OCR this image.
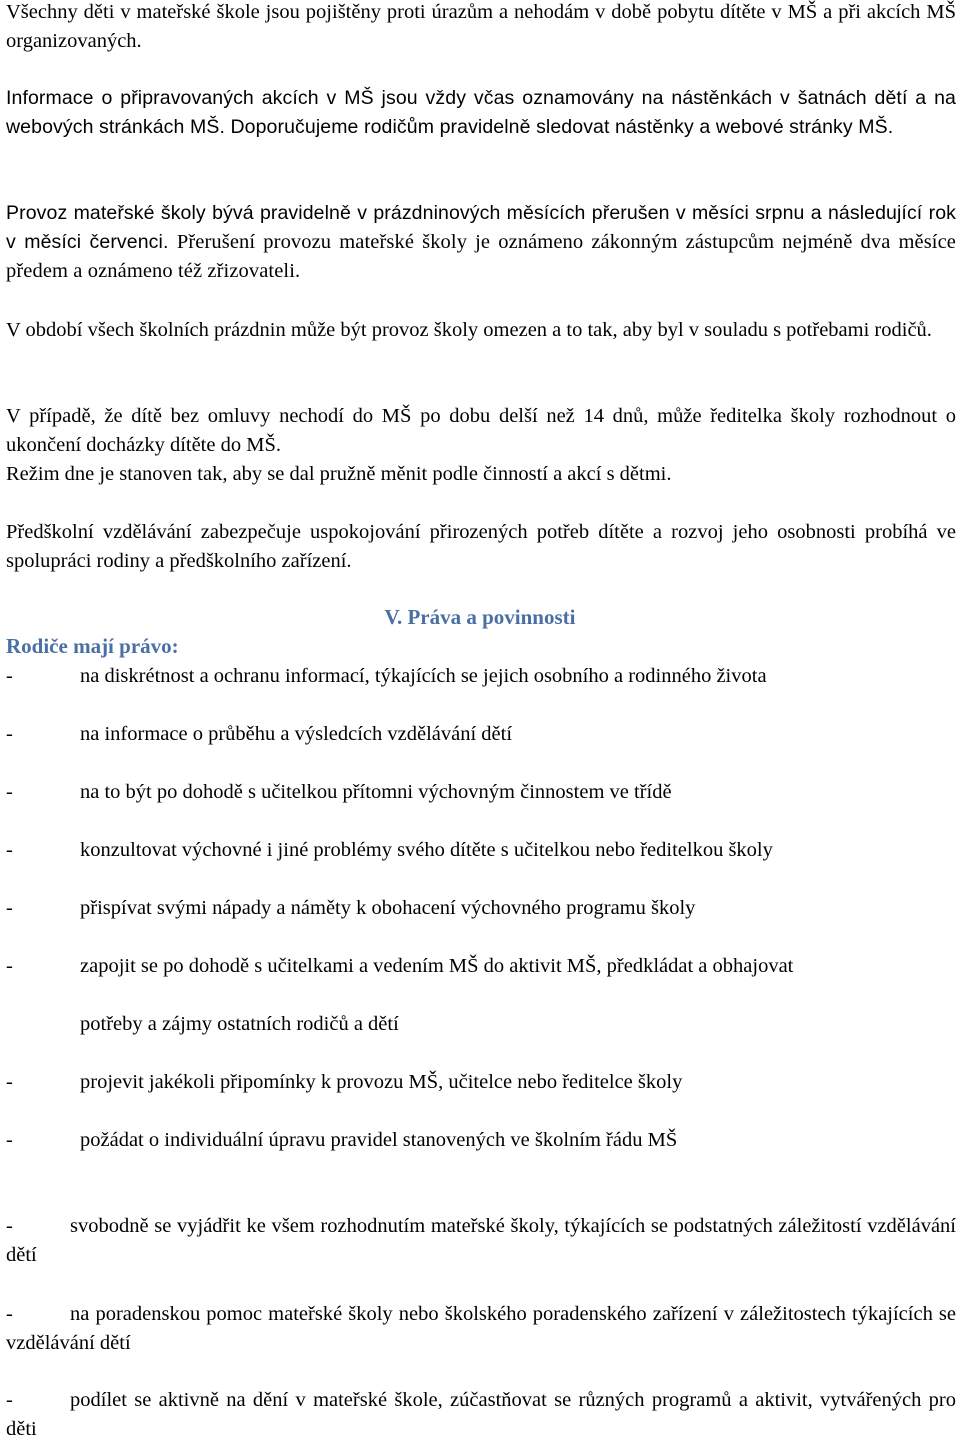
Všechny děti v mateřské škole jsou pojištěny proti úrazům a nehodám v době pobytu dítěte v MŠ a při akcích MŠ organizovaných.

Informace o připravovaných akcích v MŠ jsou vždy včas oznamovány na nástěnkách v šatnách dětí a na webových stránkách MŠ. Doporučujeme rodičům pravidelně sledovat nástěnky a webové stránky MŠ.

Provoz mateřské školy bývá pravidelně v prázdninových měsících přerušen v měsíci srpnu a následující rok v měsíci červenci. Přerušení provozu mateřské školy je oznámeno zákonným zástupcům nejméně dva měsíce předem a oznámeno též zřizovateli.

V období všech školních prázdnin může být provoz školy omezen a to tak, aby byl v souladu s potřebami rodičů.

V případě, že dítě bez omluvy nechodí do MŠ po dobu delší než 14 dnů, může ředitelka školy rozhodnout o ukončení docházky dítěte do MŠ.

Režim dne je stanoven tak, aby se dal pružně měnit podle činností a akcí s dětmi.

Předškolní vzdělávání zabezpečuje uspokojování přirozených potřeb dítěte a rozvoj jeho osobnosti probíhá ve spolupráci rodiny a předškolního zařízení.

V. Práva a povinnosti
Rodiče mají právo:
-	na diskrétnost a ochranu informací, týkajících se jejich osobního a rodinného života
-	na informace o průběhu a výsledcích vzdělávání dětí
-	na to být po dohodě s učitelkou přítomni výchovným činnostem ve třídě
-	konzultovat výchovné i jiné problémy svého dítěte s učitelkou nebo ředitelkou školy
-	přispívat svými nápady a náměty k obohacení výchovného programu školy
-	zapojit se po dohodě s učitelkami a vedením MŠ do aktivit MŠ, předkládat a obhajovat

potřeby a zájmy ostatních rodičů a dětí

-	projevit jakékoli připomínky k provozu MŠ, učitelce nebo ředitelce školy
-	požádat o individuální úpravu pravidel stanovených ve školním řádu MŠ
-	svobodně se vyjádřit ke všem rozhodnutím mateřské školy, týkajících se podstatných záležitostí vzdělávání dětí
-	na poradenskou pomoc mateřské školy nebo školského poradenského zařízení v záležitostech týkajících se vzdělávání dětí
-	podílet se aktivně na dění v mateřské škole, zúčastňovat se různých programů a aktivit, vytvářených pro děti
